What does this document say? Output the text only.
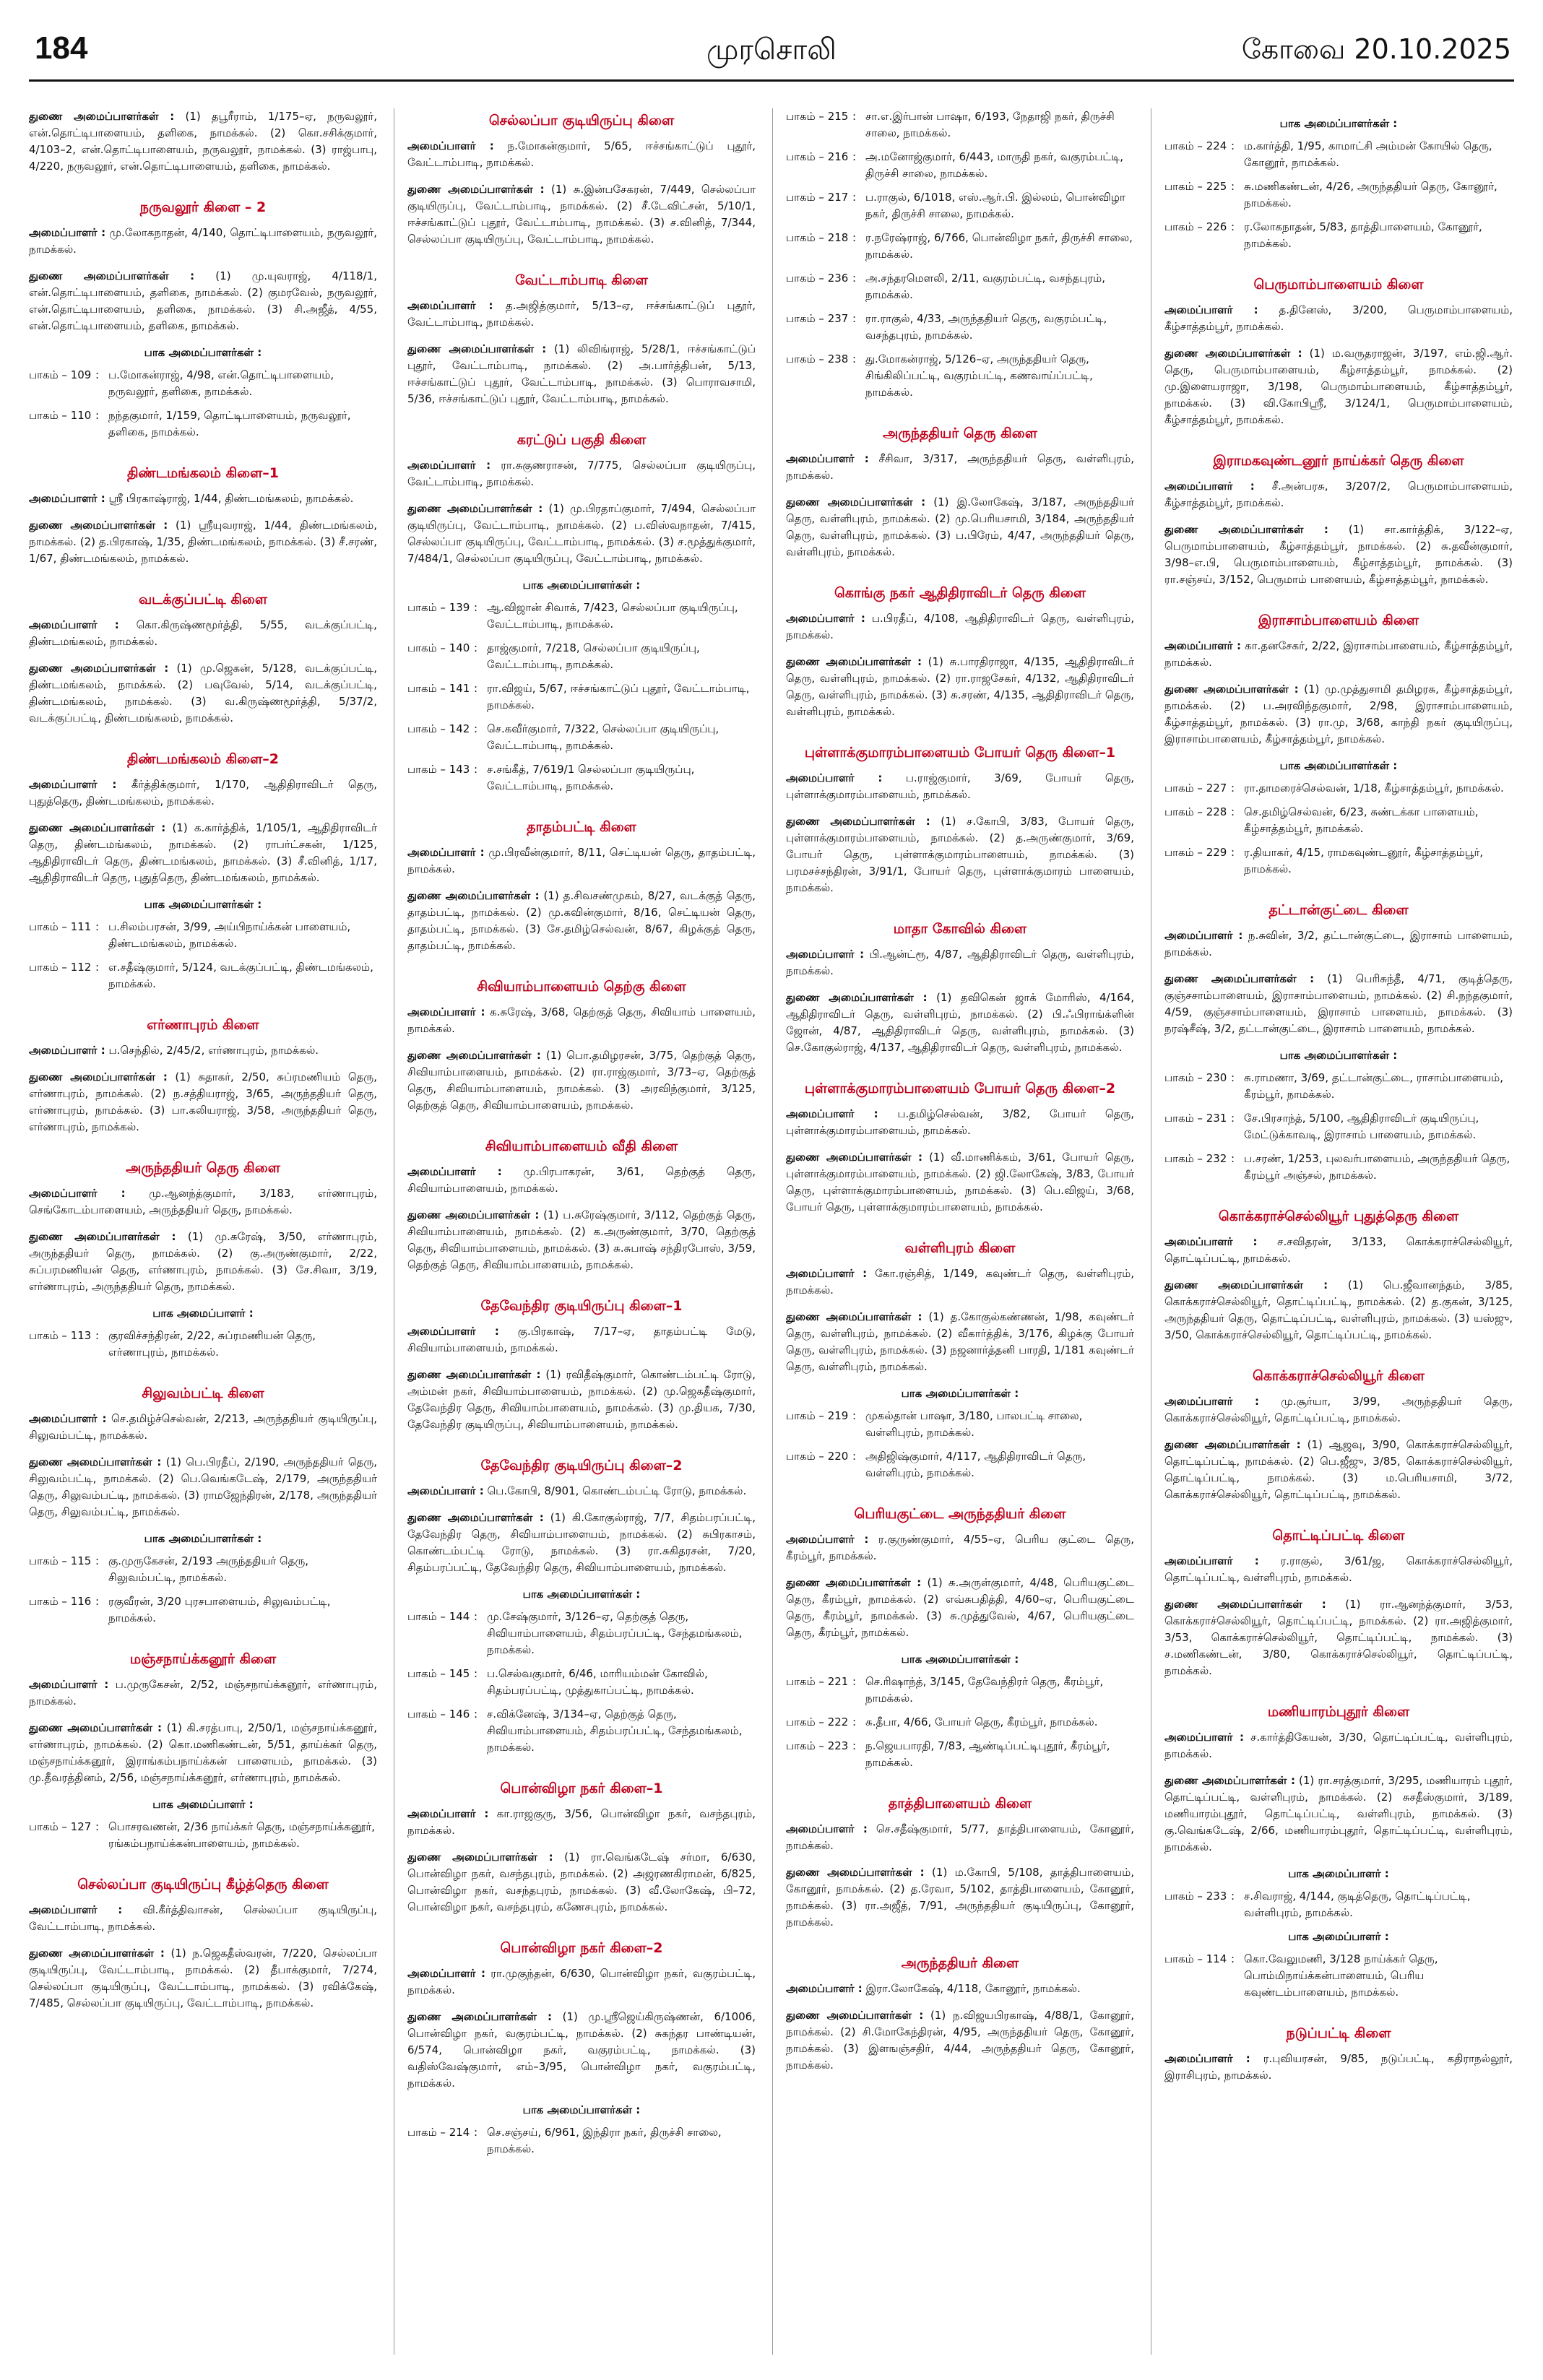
184	முரசொலி	கோவை 20.10.2025

துணை அமைப்பாளர்கள் : (1) தபூரீராம், 1/175–ஏ, நருவலூர், என்.தொட்டிபாளையம், தளிகை, நாமக்கல். (2) கொ.சசிக்குமார், 4/103–2, என்.தொட்டிபாளையம், நருவலூர், நாமக்கல். (3) ராஜ்பாபு, 4/220, நருவலூர், என்.தொட்டிபாளையம், தளிகை, நாமக்கல்.

நருவலூர் கிளை – 2

அமைப்பாளர் : மு.லோகநாதன், 4/140, தொட்டிபாளையம், நருவலூர், நாமக்கல்.

துணை அமைப்பாளர்கள் : (1) மு.யுவராஜ், 4/118/1, என்.தொட்டிபாளையம், தளிகை, நாமக்கல். (2) குமரவேல், நருவலூர், என்.தொட்டிபாளையம், தளிகை, நாமக்கல். (3) சி.அஜீத், 4/55, என்.தொட்டிபாளையம், தளிகை, நாமக்கல்.

பாக அமைப்பாளர்கள் :
பாகம் – 109 : ப.மோகன்ராஜ், 4/98, என்.தொட்டிபாளையம், நருவலூர், தளிகை, நாமக்கல்.
பாகம் – 110 : நந்தகுமார், 1/159, தொட்டிபாளையம், நருவலூர், தளிகை, நாமக்கல்.
திண்டமங்கலம் கிளை–1

அமைப்பாளர் : ஸ்ரீ பிரகாஷ்ராஜ், 1/44, திண்டமங்கலம், நாமக்கல்.

துணை அமைப்பாளர்கள் : (1) ஸ்ரீயுவராஜ், 1/44, திண்டமங்கலம், நாமக்கல். (2) த.பிரகாஷ், 1/35, திண்டமங்கலம், நாமக்கல். (3) சீ.சரண், 1/67, திண்டமங்கலம், நாமக்கல்.

வடக்குப்பட்டி கிளை

அமைப்பாளர் : கொ.கிருஷ்ணமூர்த்தி, 5/55, வடக்குப்பட்டி, திண்டமங்கலம், நாமக்கல்.

துணை அமைப்பாளர்கள் : (1) மு.ஜெகன், 5/128, வடக்குப்பட்டி, திண்டமங்கலம், நாமக்கல். (2) பவுவேல், 5/14, வடக்குப்பட்டி, திண்டமங்கலம், நாமக்கல். (3) வ.கிருஷ்ணமூர்த்தி, 5/37/2, வடக்குப்பட்டி, திண்டமங்கலம், நாமக்கல்.

திண்டமங்கலம் கிளை–2

அமைப்பாளர் : கீர்த்திக்குமார், 1/170, ஆதிதிராவிடர் தெரு, புதுத்தெரு, திண்டமங்கலம், நாமக்கல்.

துணை அமைப்பாளர்கள் : (1) க.கார்த்திக், 1/105/1, ஆதிதிராவிடர் தெரு, திண்டமங்கலம், நாமக்கல். (2) ராபர்ட்சகன், 1/125, ஆதிதிராவிடர் தெரு, திண்டமங்கலம், நாமக்கல். (3) சீ.வினித், 1/17, ஆதிதிராவிடர் தெரு, புதுத்தெரு, திண்டமங்கலம், நாமக்கல்.

பாக அமைப்பாளர்கள் :
பாகம் – 111 : ப.சிலம்பரசன், 3/99, அய்பிநாய்க்கன் பாளையம், திண்டமங்கலம், நாமக்கல்.
பாகம் – 112 : எ.சதீஷ்குமார், 5/124, வடக்குப்பட்டி, திண்டமங்கலம், நாமக்கல்.
எர்ணாபுரம் கிளை

அமைப்பாளர் : ப.செந்தில், 2/45/2, எர்ணாபுரம், நாமக்கல்.

துணை அமைப்பாளர்கள் : (1) சுதாகர், 2/50, சுப்ரமணியம் தெரு, எர்ணாபுரம், நாமக்கல். (2) ந.சத்தியராஜ், 3/65, அருந்ததியர் தெரு, எர்ணாபுரம், நாமக்கல். (3) பா.கலியராஜ், 3/58, அருந்ததியர் தெரு, எர்ணாபுரம், நாமக்கல்.

அருந்ததியர் தெரு கிளை

அமைப்பாளர் : மு.ஆனந்த்குமார், 3/183, எர்ணாபுரம், செங்கோடம்பாளையம், அருந்ததியர் தெரு, நாமக்கல்.

துணை அமைப்பாளர்கள் : (1) மு.சுரேஷ், 3/50, எர்ணாபுரம், அருந்ததியர் தெரு, நாமக்கல். (2) கு.அருண்குமார், 2/22, சுப்பரமணியன் தெரு, எர்ணாபுரம், நாமக்கல். (3) சே.சிவா, 3/19, எர்ணாபுரம், அருந்ததியர் தெரு, நாமக்கல்.

பாக அமைப்பாளர் :
பாகம் – 113 : குரவிச்சந்திரன், 2/22, சுப்ரமணியன் தெரு, எர்ணாபுரம், நாமக்கல்.
சிலுவம்பட்டி கிளை

அமைப்பாளர் : செ.தமிழ்ச்செல்வன், 2/213, அருந்ததியர் குடியிருப்பு, சிலுவம்பட்டி, நாமக்கல்.

துணை அமைப்பாளர்கள் : (1) பெ.பிரதீப், 2/190, அருந்ததியர் தெரு, சிலுவம்பட்டி, நாமக்கல். (2) பெ.வெங்கடேஷ், 2/179, அருந்ததியர் தெரு, சிலுவம்பட்டி, நாமக்கல். (3) ராமஜேந்திரன், 2/178, அருந்ததியர் தெரு, சிலுவம்பட்டி, நாமக்கல்.

பாக அமைப்பாளர்கள் :
பாகம் – 115 : கு.முருகேசன், 2/193 அருந்ததியர் தெரு, சிலுவம்பட்டி, நாமக்கல்.
பாகம் – 116 : ரகுவீரன், 3/20 புரசபாளையம், சிலுவம்பட்டி, நாமக்கல்.
மஞ்சநாய்க்கனூர் கிளை

அமைப்பாளர் : ப.முருகேசன், 2/52, மஞ்சநாய்க்கனூர், எர்ணாபுரம், நாமக்கல்.

துணை அமைப்பாளர்கள் : (1) கி.சரத்பாபு, 2/50/1, மஞ்சநாய்க்கனூர், எர்ணாபுரம், நாமக்கல். (2) கொ.மணிகண்டன், 5/51, தாய்க்கர் தெரு, மஞ்சநாய்க்கனூர், இராங்கம்பநாய்க்கன் பாளையம், நாமக்கல். (3) மு.தீவரத்தினம், 2/56, மஞ்சநாய்க்கனூர், எர்ணாபுரம், நாமக்கல்.

பாக அமைப்பாளர் :
பாகம் – 127 : பொசரவணன், 2/36 நாய்க்கர் தெரு, மஞ்சநாய்க்கனூர், ரங்கம்பநாய்க்கன்பாளையம், நாமக்கல்.
செல்லப்பா குடியிருப்பு கீழ்த்தெரு கிளை

அமைப்பாளர் : வி.கீர்த்திவாசன், செல்லப்பா குடியிருப்பு, வேட்டாம்பாடி, நாமக்கல்.

துணை அமைப்பாளர்கள் : (1) ந.ஜெகதீஸ்வரன், 7/220, செல்லப்பா குடியிருப்பு, வேட்டாம்பாடி, நாமக்கல். (2) தீபாக்குமார், 7/274, செல்லப்பா குடியிருப்பு, வேட்டாம்பாடி, நாமக்கல். (3) ரவிக்கேஷ், 7/485, செல்லப்பா குடியிருப்பு, வேட்டாம்பாடி, நாமக்கல்.

செல்லப்பா குடியிருப்பு கிளை

அமைப்பாளர் : ந.மோகன்குமார், 5/65, ஈச்சங்காட்டுப் புதூர், வேட்டாம்பாடி, நாமக்கல்.

துணை அமைப்பாளர்கள் : (1) சு.இன்பசேகரன், 7/449, செல்லப்பா குடியிருப்பு, வேட்டாம்பாடி, நாமக்கல். (2) சீ.டேவிட்சன், 5/10/1, ஈச்சங்காட்டுப் புதூர், வேட்டாம்பாடி, நாமக்கல். (3) ச.வினித், 7/344, செல்லப்பா குடியிருப்பு, வேட்டாம்பாடி, நாமக்கல்.

வேட்டாம்பாடி கிளை

அமைப்பாளர் : த.அஜித்குமார், 5/13–ஏ, ஈச்சங்காட்டுப் புதூர், வேட்டாம்பாடி, நாமக்கல்.

துணை அமைப்பாளர்கள் : (1) லிவிங்ராஜ், 5/28/1, ஈச்சங்காட்டுப் புதூர், வேட்டாம்பாடி, நாமக்கல். (2) அ.பார்த்திபன், 5/13, ஈச்சங்காட்டுப் புதூர், வேட்டாம்பாடி, நாமக்கல். (3) பொராவசாமி, 5/36, ஈச்சங்காட்டுப் புதூர், வேட்டாம்பாடி, நாமக்கல்.

கரட்டுப் பகுதி கிளை

அமைப்பாளர் : ரா.சுகுணராசன், 7/775, செல்லப்பா குடியிருப்பு, வேட்டாம்பாடி, நாமக்கல்.

துணை அமைப்பாளர்கள் : (1) மு.பிரதாப்குமார், 7/494, செல்லப்பா குடியிருப்பு, வேட்டாம்பாடி, நாமக்கல். (2) ப.விஸ்வநாதன், 7/415, செல்லப்பா குடியிருப்பு, வேட்டாம்பாடி, நாமக்கல். (3) ச.மூத்துக்குமார், 7/484/1, செல்லப்பா குடியிருப்பு, வேட்டாம்பாடி, நாமக்கல்.

பாக அமைப்பாளர்கள் :
பாகம் – 139 : ஆ.விஜான் சிவாக், 7/423, செல்லப்பா குடியிருப்பு, வேட்டாம்பாடி, நாமக்கல்.
பாகம் – 140 : தாஜ்குமார், 7/218, செல்லப்பா குடியிருப்பு, வேட்டாம்பாடி, நாமக்கல்.
பாகம் – 141 : ரா.விஜய், 5/67, ஈச்சங்காட்டுப் புதூர், வேட்டாம்பாடி, நாமக்கல்.
பாகம் – 142 : செ.கவீர்குமார், 7/322, செல்லப்பா குடியிருப்பு, வேட்டாம்பாடி, நாமக்கல்.
பாகம் – 143 : ச.சங்கீத், 7/619/1 செல்லப்பா குடியிருப்பு, வேட்டாம்பாடி, நாமக்கல்.
தாதம்பட்டி கிளை

அமைப்பாளர் : மு.பிரவீன்குமார், 8/11, செட்டியன் தெரு, தாதம்பட்டி, நாமக்கல்.

துணை அமைப்பாளர்கள் : (1) த.சிவசண்முகம், 8/27, வடக்குத் தெரு, தாதம்பட்டி, நாமக்கல். (2) மு.கவின்குமார், 8/16, செட்டியன் தெரு, தாதம்பட்டி, நாமக்கல். (3) சே.தமிழ்செல்வன், 8/67, கிழக்குத் தெரு, தாதம்பட்டி, நாமக்கல்.

சிவியாம்பாளையம் தெற்கு கிளை

அமைப்பாளர் : க.சுரேஷ், 3/68, தெற்குத் தெரு, சிவியாம் பாளையம், நாமக்கல்.

துணை அமைப்பாளர்கள் : (1) பொ.தமிழரசன், 3/75, தெற்குத் தெரு, சிவியாம்பாளையம், நாமக்கல். (2) ரா.ராஜ்குமார், 3/73–ஏ, தெற்குத் தெரு, சிவியாம்பாளையம், நாமக்கல். (3) அரவிந்குமார், 3/125, தெற்குத் தெரு, சிவியாம்பாளையம், நாமக்கல்.

சிவியாம்பாளையம் வீதி கிளை

அமைப்பாளர் : மு.பிரபாகரன், 3/61, தெற்குத் தெரு, சிவியாம்பாளையம், நாமக்கல்.

துணை அமைப்பாளர்கள் : (1) ப.சுரேஷ்குமார், 3/112, தெற்குத் தெரு, சிவியாம்பாளையம், நாமக்கல். (2) க.அருண்குமார், 3/70, தெற்குத் தெரு, சிவியாம்பாளையம், நாமக்கல். (3) சு.சுபாஷ் சந்திரபோஸ், 3/59, தெற்குத் தெரு, சிவியாம்பாளையம், நாமக்கல்.

தேவேந்திர குடியிருப்பு கிளை–1

அமைப்பாளர் : கு.பிரகாஷ், 7/17–ஏ, தாதம்பட்டி மேடு, சிவியாம்பாளையம், நாமக்கல்.

துணை அமைப்பாளர்கள் : (1) ரவிதீஷ்குமார், கொண்டம்பட்டி ரோடு, அம்மன் நகர், சிவியாம்பாளையம், நாமக்கல். (2) மு.ஜெகதீஷ்குமார், தேவேந்திர தெரு, சிவியாம்பாளையம், நாமக்கல். (3) மு.தியக, 7/30, தேவேந்திர குடியிருப்பு, சிவியாம்பாளையம், நாமக்கல்.

தேவேந்திர குடியிருப்பு கிளை–2

அமைப்பாளர் : பெ.கோபி, 8/901, கொண்டம்பட்டி ரோடு, நாமக்கல்.

துணை அமைப்பாளர்கள் : (1) கி.கோகுல்ராஜ், 7/7, சிதம்பரப்பட்டி, தேவேந்திர தெரு, சிவியாம்பாளையம், நாமக்கல். (2) சுபிரகாசம், கொண்டம்பட்டி ரோடு, நாமக்கல். (3) ரா.சுகிதரசன், 7/20, சிதம்பரப்பட்டி, தேவேந்திர தெரு, சிவியாம்பாளையம், நாமக்கல்.

பாக அமைப்பாளர்கள் :
பாகம் – 144 : மு.சேஷ்குமார், 3/126–ஏ, தெற்குத் தெரு, சிவியாம்பாளையம், சிதம்பரப்பட்டி, சேந்தமங்கலம், நாமக்கல்.
பாகம் – 145 : ப.செல்வகுமார், 6/46, மாரியம்மன் கோவில், சிதம்பரப்பட்டி, முத்துகாப்பட்டி, நாமக்கல்.
பாகம் – 146 : ச.விக்னேஷ், 3/134–ஏ, தெற்குத் தெரு, சிவியாம்பாளையம், சிதம்பரப்பட்டி, சேந்தமங்கலம், நாமக்கல்.
பொன்விழா நகர் கிளை–1

அமைப்பாளர் : கா.ராஜகுரு, 3/56, பொன்விழா நகர், வசந்தபுரம், நாமக்கல்.

துணை அமைப்பாளர்கள் : (1) ரா.வெங்கடேஷ் சர்மா, 6/630, பொன்விழா நகர், வசந்தபுரம், நாமக்கல். (2) அஜரணகிராமன், 6/825, பொன்விழா நகர், வசந்தபுரம், நாமக்கல். (3) வீ.லோகேஷ், பி–72, பொன்விழா நகர், வசந்தபுரம், கணேசபுரம், நாமக்கல்.

பொன்விழா நகர் கிளை–2

அமைப்பாளர் : ரா.முகுந்தன், 6/630, பொன்விழா நகர், வகுரம்பட்டி, நாமக்கல்.

துணை அமைப்பாளர்கள் : (1) மு.ஸ்ரீஜெய்கிருஷ்ணன், 6/1006, பொன்விழா நகர், வகுரம்பட்டி, நாமக்கல். (2) சுகந்தர பாண்டியன், 6/574, பொன்விழா நகர், வகுரம்பட்டி, நாமக்கல். (3) வதிஸ்வேஷ்குமார், எம்–3/95, பொன்விழா நகர், வகுரம்பட்டி, நாமக்கல்.

பாக அமைப்பாளர்கள் :
பாகம் – 214 : செ.சஞ்சய், 6/961, இந்திரா நகர், திருச்சி சாலை, நாமக்கல்.
பாகம் – 215 : சா.எ.இர்பான் பாஷா, 6/193, நேதாஜி நகர், திருச்சி சாலை, நாமக்கல்.
பாகம் – 216 : அ.மனோஜ்குமார், 6/443, மாருதி நகர், வகுரம்பட்டி, திருச்சி சாலை, நாமக்கல்.
பாகம் – 217 : ப.ராகுல், 6/1018, எஸ்.ஆர்.பி. இல்லம், பொன்விழா நகர், திருச்சி சாலை, நாமக்கல்.
பாகம் – 218 : ர.நரேஷ்ராஜ், 6/766, பொன்விழா நகர், திருச்சி சாலை, நாமக்கல்.
பாகம் – 236 : அ.சந்தரமௌலி, 2/11, வகுரம்பட்டி, வசந்தபுரம், நாமக்கல்.
பாகம் – 237 : ரா.ராகுல், 4/33, அருந்ததியர் தெரு, வகுரம்பட்டி, வசந்தபுரம், நாமக்கல்.
பாகம் – 238 : து.மோகன்ராஜ், 5/126–ஏ, அருந்ததியர் தெரு, சிங்கிலிப்பட்டி, வகுரம்பட்டி, கணவாய்ப்பட்டி, நாமக்கல்.
அருந்ததியர் தெரு கிளை

அமைப்பாளர் : சீசிவா, 3/317, அருந்ததியர் தெரு, வள்ளிபுரம், நாமக்கல்.

துணை அமைப்பாளர்கள் : (1) இ.லோகேஷ், 3/187, அருந்ததியர் தெரு, வள்ளிபுரம், நாமக்கல். (2) மு.பெரியசாமி, 3/184, அருந்ததியர் தெரு, வள்ளிபுரம், நாமக்கல். (3) ப.பிரேம், 4/47, அருந்ததியர் தெரு, வள்ளிபுரம், நாமக்கல்.

கொங்கு நகர் ஆதிதிராவிடர் தெரு கிளை

அமைப்பாளர் : ப.பிரதீப், 4/108, ஆதிதிராவிடர் தெரு, வள்ளிபுரம், நாமக்கல்.

துணை அமைப்பாளர்கள் : (1) சு.பாரதிராஜா, 4/135, ஆதிதிராவிடர் தெரு, வள்ளிபுரம், நாமக்கல். (2) ரா.ராஜசேகர், 4/132, ஆதிதிராவிடர் தெரு, வள்ளிபுரம், நாமக்கல். (3) சு.சரண், 4/135, ஆதிதிராவிடர் தெரு, வள்ளிபுரம், நாமக்கல்.

புள்ளாக்குமாரம்பாளையம் போயர் தெரு கிளை–1

அமைப்பாளர் : ப.ராஜ்குமார், 3/69, போயர் தெரு, புள்ளாக்குமாரம்பாளையம், நாமக்கல்.

துணை அமைப்பாளர்கள் : (1) ச.கோபி, 3/83, போயர் தெரு, புள்ளாக்குமாரம்பாளையம், நாமக்கல். (2) த.அருண்குமார், 3/69, போயர் தெரு, புள்ளாக்குமாரம்பாளையம், நாமக்கல். (3) பரமசச்சந்திரன், 3/91/1, போயர் தெரு, புள்ளாக்குமாரம் பாளையம், நாமக்கல்.

மாதா கோவில் கிளை

அமைப்பாளர் : பி.ஆன்ட்ரூ, 4/87, ஆதிதிராவிடர் தெரு, வள்ளிபுரம், நாமக்கல்.

துணை அமைப்பாளர்கள் : (1) தவிகென் ஜாக் மோரிஸ், 4/164, ஆதிதிராவிடர் தெரு, வள்ளிபுரம், நாமக்கல். (2) பி.ஃபிராங்க்ளின் ஜோன், 4/87, ஆதிதிராவிடர் தெரு, வள்ளிபுரம், நாமக்கல். (3) செ.கோகுல்ராஜ், 4/137, ஆதிதிராவிடர் தெரு, வள்ளிபுரம், நாமக்கல்.

புள்ளாக்குமாரம்பாளையம் போயர் தெரு கிளை–2

அமைப்பாளர் : ப.தமிழ்செல்வன், 3/82, போயர் தெரு, புள்ளாக்குமாரம்பாளையம், நாமக்கல்.

துணை அமைப்பாளர்கள் : (1) வீ.மாணிக்கம், 3/61, போயர் தெரு, புள்ளாக்குமாரம்பாளையம், நாமக்கல். (2) ஜி.லோகேஷ், 3/83, போயர் தெரு, புள்ளாக்குமாரம்பாளையம், நாமக்கல். (3) பெ.விஜய், 3/68, போயர் தெரு, புள்ளாக்குமாரம்பாளையம், நாமக்கல்.

வள்ளிபுரம் கிளை

அமைப்பாளர் : கோ.ரஞ்சித், 1/149, கவுண்டர் தெரு, வள்ளிபுரம், நாமக்கல்.

துணை அமைப்பாளர்கள் : (1) த.கோகுல்கண்ணன், 1/98, கவுண்டர் தெரு, வள்ளிபுரம், நாமக்கல். (2) வீகார்த்திக், 3/176, கிழக்கு போயர் தெரு, வள்ளிபுரம், நாமக்கல். (3) நஜனார்த்தனி பாரதி, 1/181 கவுண்டர் தெரு, வள்ளிபுரம், நாமக்கல்.

பாக அமைப்பாளர்கள் :
பாகம் – 219 : முகல்தான் பாஷா, 3/180, பாலபட்டி சாலை, வள்ளிபுரம், நாமக்கல்.
பாகம் – 220 : அதிஜிஷ்குமார், 4/117, ஆதிதிராவிடர் தெரு, வள்ளிபுரம், நாமக்கல்.
பெரியகுட்டை அருந்ததியர் கிளை

அமைப்பாளர் : ர.குருண்குமார், 4/55–ஏ, பெரிய குட்டை தெரு, கீரம்பூர், நாமக்கல்.

துணை அமைப்பாளர்கள் : (1) சு.அருள்குமார், 4/48, பெரியகுட்டை தெரு, கீரம்பூர், நாமக்கல். (2) எவ்சுபதித்தி, 4/60–ஏ, பெரியகுட்டை தெரு, கீரம்பூர், நாமக்கல். (3) சு.முத்துவேல், 4/67, பெரியகுட்டை தெரு, கீரம்பூர், நாமக்கல்.

பாக அமைப்பாளர்கள் :
பாகம் – 221 : செ.ரிஷாந்த், 3/145, தேவேந்திரர் தெரு, கீரம்பூர், நாமக்கல்.
பாகம் – 222 : சு.தீபா, 4/66, போயர் தெரு, கீரம்பூர், நாமக்கல்.
பாகம் – 223 : ந.ஜெயபாரதி, 7/83, ஆண்டிப்பட்டிபுதூர், கீரம்பூர், நாமக்கல்.
தாத்திபாளையம் கிளை

அமைப்பாளர் : செ.சதீஷ்குமார், 5/77, தாத்திபாளையம், கோனூர், நாமக்கல்.

துணை அமைப்பாளர்கள் : (1) ம.கோபி, 5/108, தாத்திபாளையம், கோனூர், நாமக்கல். (2) த.ரேவா, 5/102, தாத்திபாளையம், கோனூர், நாமக்கல். (3) ரா.அஜீத், 7/91, அருந்ததியர் குடியிருப்பு, கோனூர், நாமக்கல்.

அருந்ததியர் கிளை

அமைப்பாளர் : இரா.லோகேஷ், 4/118, கோனூர், நாமக்கல்.

துணை அமைப்பாளர்கள் : (1) ந.விஜயபிரகாஷ், 4/88/1, கோனூர், நாமக்கல். (2) சி.மோகேந்திரன், 4/95, அருந்ததியர் தெரு, கோனூர், நாமக்கல். (3) இளஙஞ்சதிர், 4/44, அருந்ததியர் தெரு, கோனூர், நாமக்கல்.

பாக அமைப்பாளர்கள் :
பாகம் – 224 : ம.கார்த்தி, 1/95, காமாட்சி அம்மன் கோயில் தெரு, கோனூர், நாமக்கல்.
பாகம் – 225 : சு.மணிகண்டன், 4/26, அருந்ததியர் தெரு, கோனூர், நாமக்கல்.
பாகம் – 226 : ர.லோகநாதன், 5/83, தாத்திபாளையம், கோனூர், நாமக்கல்.
பெருமாம்பாளையம் கிளை

அமைப்பாளர் : த.தினேஸ், 3/200, பெருமாம்பாளையம், கீழ்சாத்தம்பூர், நாமக்கல்.

துணை அமைப்பாளர்கள் : (1) ம.வருதராஜன், 3/197, எம்.ஜி.ஆர். தெரு, பெருமாம்பாளையம், கீழ்சாத்தம்பூர், நாமக்கல். (2) மு.இளையராஜா, 3/198, பெருமாம்பாளையம், கீழ்சாத்தம்பூர், நாமக்கல். (3) வி.கோபிஸ்ரீ, 3/124/1, பெருமாம்பாளையம், கீழ்சாத்தம்பூர், நாமக்கல்.

இராமகவுண்டனூர் நாய்க்கர் தெரு கிளை

அமைப்பாளர் : சீ.அன்பரசு, 3/207/2, பெருமாம்பாளையம், கீழ்சாத்தம்பூர், நாமக்கல்.

துணை அமைப்பாளர்கள் : (1) சா.கார்த்திக், 3/122–ஏ, பெருமாம்பாளையம், கீழ்சாத்தம்பூர், நாமக்கல். (2) சு.தவீன்குமார், 3/98–எ.பி, பெருமாம்பாளையம், கீழ்சாத்தம்பூர், நாமக்கல். (3) ரா.சஞ்சய், 3/152, பெருமாம் பாளையம், கீழ்சாத்தம்பூர், நாமக்கல்.

இராசாம்பாளையம் கிளை

அமைப்பாளர் : கா.தனசேகர், 2/22, இராசாம்பாளையம், கீழ்சாத்தம்பூர், நாமக்கல்.

துணை அமைப்பாளர்கள் : (1) மு.முத்துசாமி தமிழரசு, கீழ்சாத்தம்பூர், நாமக்கல். (2) ப.அரவிந்தகுமார், 2/98, இராசாம்பாளையம், கீழ்சாத்தம்பூர், நாமக்கல். (3) ரா.மு, 3/68, காந்தி நகர் குடியிருப்பு, இராசாம்பாளையம், கீழ்சாத்தம்பூர், நாமக்கல்.

பாக அமைப்பாளர்கள் :
பாகம் – 227 : ரா.தாமரைச்செல்வன், 1/18, கீழ்சாத்தம்பூர், நாமக்கல்.
பாகம் – 228 : செ.தமிழ்செல்வன், 6/23, சுண்டக்கா பாளையம், கீழ்சாத்தம்பூர், நாமக்கல்.
பாகம் – 229 : ர.தியாகர், 4/15, ராமகவுண்டனூர், கீழ்சாத்தம்பூர், நாமக்கல்.
தட்டான்குட்டை கிளை

அமைப்பாளர் : ந.சுவின், 3/2, தட்டான்குட்டை, இராசாம் பாளையம், நாமக்கல்.

துணை அமைப்பாளர்கள் : (1) பெரிசுந்தீ, 4/71, குடித்தெரு, குஞ்சசாம்பாளையம், இராசாம்பாளையம், நாமக்கல். (2) சி.நந்தகுமார், 4/59, குஞ்சசாம்பாளையம், இராசாம் பாளையம், நாமக்கல். (3) நரஷ்சீஷ், 3/2, தட்டான்குட்டை, இராசாம் பாளையம், நாமக்கல்.

பாக அமைப்பாளர்கள் :
பாகம் – 230 : சு.ராமணா, 3/69, தட்டான்குட்டை, ராசாம்பாளையம், கீரம்பூர், நாமக்கல்.
பாகம் – 231 : சே.பிரசாந்த், 5/100, ஆதிதிராவிடர் குடியிருப்பு, மேட்டுக்காவடி, இராசாம் பாளையம், நாமக்கல்.
பாகம் – 232 : ப.சரண், 1/253, புலவர்பாளையம், அருந்ததியர் தெரு, கீரம்பூர் அஞ்சல், நாமக்கல்.
கொக்கராச்செல்லியூர் புதுத்தெரு கிளை

அமைப்பாளர் : ச.சவிதரன், 3/133, கொக்கராச்செல்லியூர், தொட்டிப்பட்டி, நாமக்கல்.

துணை அமைப்பாளர்கள் : (1) பெ.ஜீவானந்தம், 3/85, கொக்கராச்செல்லியூர், தொட்டிப்பட்டி, நாமக்கல். (2) த.குகன், 3/125, அருந்ததியர் தெரு, தொட்டிப்பட்டி, வள்ளிபுரம், நாமக்கல். (3) யஸ்ஜு, 3/50, கொக்கராச்செல்லியூர், தொட்டிப்பட்டி, நாமக்கல்.

கொக்கராச்செல்லியூர் கிளை

அமைப்பாளர் : மு.சூர்யா, 3/99, அருந்ததியர் தெரு, கொக்கராச்செல்லியூர், தொட்டிப்பட்டி, நாமக்கல்.

துணை அமைப்பாளர்கள் : (1) ஆஜவு, 3/90, கொக்கராச்செல்லியூர், தொட்டிப்பட்டி, நாமக்கல். (2) பெ.ஜீஜு, 3/85, கொக்கராச்செல்லியூர், தொட்டிப்பட்டி, நாமக்கல். (3) ம.பெரியசாமி, 3/72, கொக்கராச்செல்லியூர், தொட்டிப்பட்டி, நாமக்கல்.

தொட்டிப்பட்டி கிளை

அமைப்பாளர் : ர.ராகுல், 3/61/ஜ, கொக்கராச்செல்லியூர், தொட்டிப்பட்டி, வள்ளிபுரம், நாமக்கல்.

துணை அமைப்பாளர்கள் : (1) ரா.ஆனந்த்குமார், 3/53, கொக்கராச்செல்லியூர், தொட்டிப்பட்டி, நாமக்கல். (2) ரா.அஜித்குமார், 3/53, கொக்கராச்செல்லியூர், தொட்டிப்பட்டி, நாமக்கல். (3) ச.மணிகண்டன், 3/80, கொக்கராச்செல்லியூர், தொட்டிப்பட்டி, நாமக்கல்.

மணியாரம்புதூர் கிளை

அமைப்பாளர் : ச.கார்த்திகேயன், 3/30, தொட்டிப்பட்டி, வள்ளிபுரம், நாமக்கல்.

துணை அமைப்பாளர்கள் : (1) ரா.சரத்குமார், 3/295, மணியாரம் புதூர், தொட்டிப்பட்டி, வள்ளிபுரம், நாமக்கல். (2) சுசதீஸ்குமார், 3/189, மணியாரம்புதூர், தொட்டிப்பட்டி, வள்ளிபுரம், நாமக்கல். (3) கு.வெங்கடேஷ், 2/66, மணியாரம்புதூர், தொட்டிப்பட்டி, வள்ளிபுரம், நாமக்கல்.

பாக அமைப்பாளர் :
பாகம் – 233 : ச.சிவராஜ், 4/144, குடித்தெரு, தொட்டிப்பட்டி, வள்ளிபுரம், நாமக்கல்.
பாக அமைப்பாளர் :
பாகம் – 114 : கொ.வேலுமணி, 3/128 நாய்க்கர் தெரு, பொம்மிநாய்க்கன்பாளையம், பெரிய கவுண்டம்பாளையம், நாமக்கல்.
நடுப்பட்டி கிளை

அமைப்பாளர் : ர.புவியரசன், 9/85, நடுப்பட்டி, கதிராநல்லூர், இராசிபுரம், நாமக்கல்.
